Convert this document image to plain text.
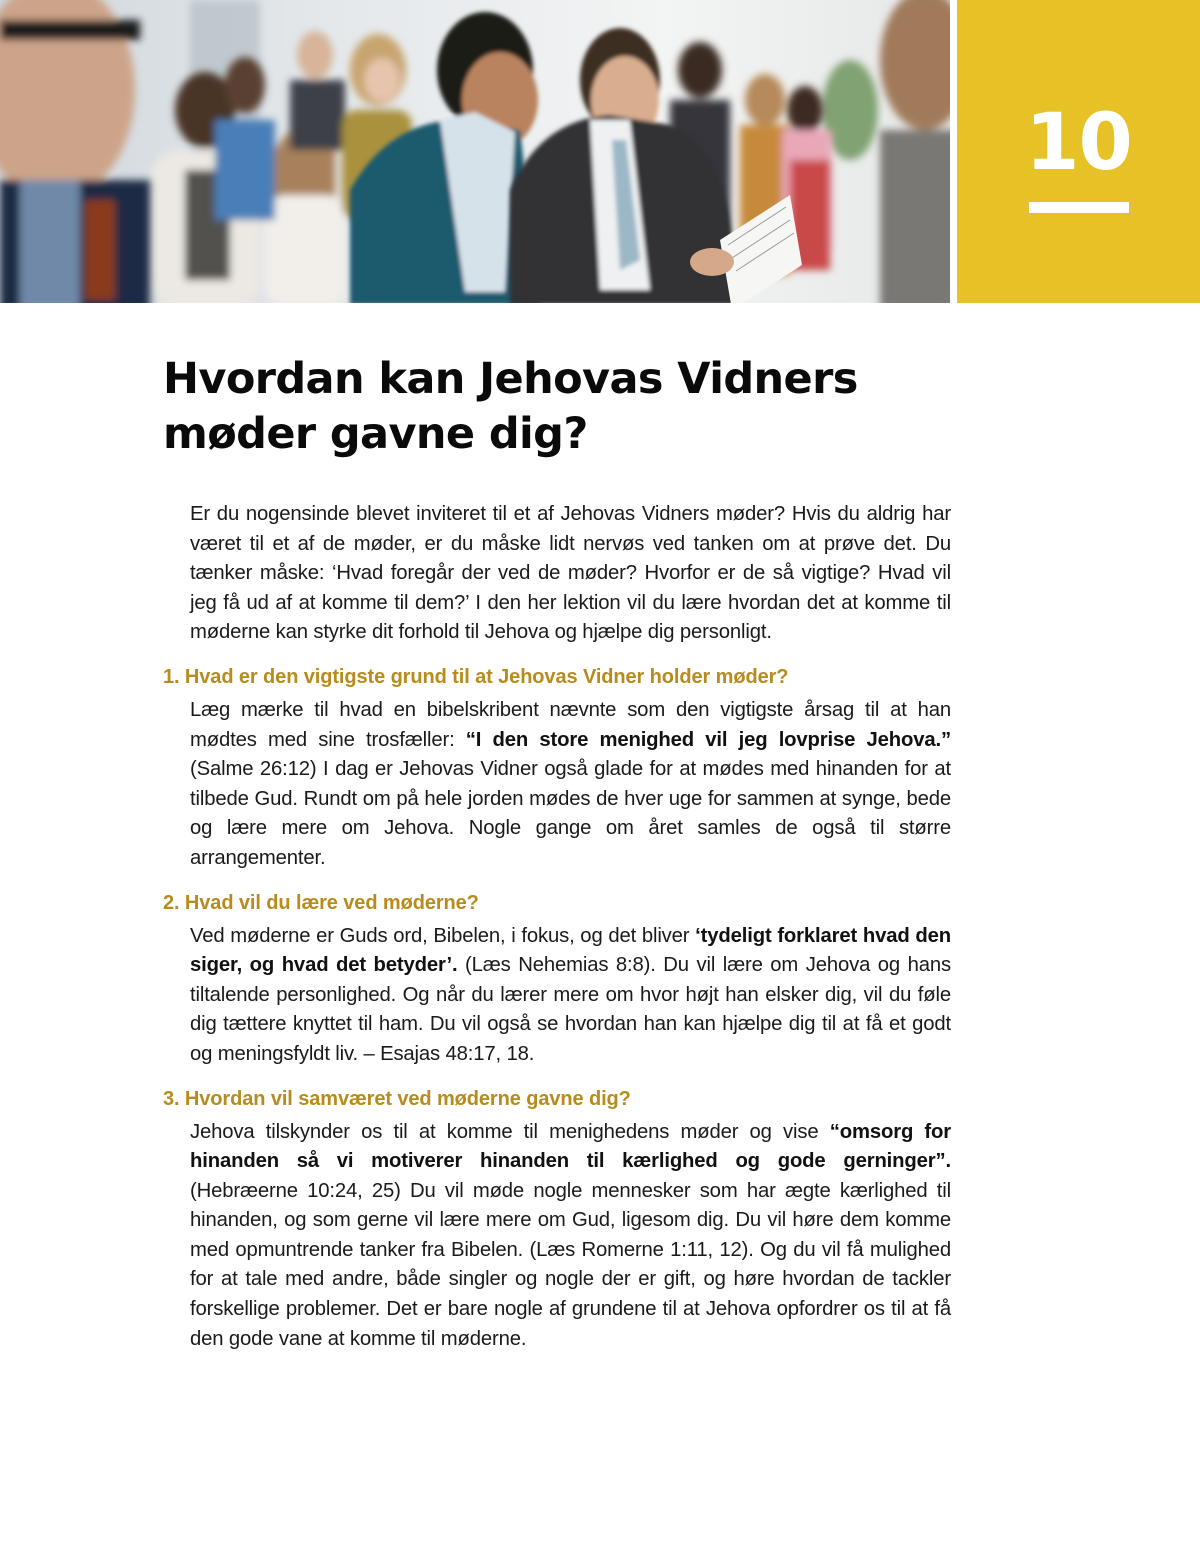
10
Hvordan kan Jehovas Vidners
møder gavne dig?

Er du nogensinde blevet inviteret til et af Jehovas Vidners møder? Hvis du aldrig har været til et af de møder, er du måske lidt nervøs ved tanken om at prøve det. Du tænker måske: ‘Hvad foregår der ved de møder? Hvorfor er de så vigtige? Hvad vil jeg få ud af at komme til dem?’ I den her lektion vil du lære hvordan det at komme til møderne kan styrke dit forhold til Jehova og hjælpe dig personligt.

1. Hvad er den vigtigste grund til at Jehovas Vidner holder møder?

Læg mærke til hvad en bibelskribent nævnte som den vigtigste årsag til at han mødtes med sine trosfæller: “I den store menighed vil jeg lovprise Jehova.” (Salme 26:12) I dag er Jehovas Vidner også glade for at mødes med hinanden for at tilbede Gud. Rundt om på hele jorden mødes de hver uge for sammen at synge, bede og lære mere om Jehova. Nogle gange om året samles de også til større arrangementer.

2. Hvad vil du lære ved møderne?

Ved møderne er Guds ord, Bibelen, i fokus, og det bliver ‘tydeligt forklaret hvad den siger, og hvad det betyder’. (Læs Nehemias 8:8). Du vil lære om Jehova og hans tiltalende personlighed. Og når du lærer mere om hvor højt han elsker dig, vil du føle dig tættere knyttet til ham. Du vil også se hvordan han kan hjælpe dig til at få et godt og meningsfyldt liv. – Esajas 48:17, 18.

3. Hvordan vil samværet ved møderne gavne dig?

Jehova tilskynder os til at komme til menighedens møder og vise “omsorg for hinanden så vi motiverer hinanden til kærlighed og gode gerninger”. (Hebræerne 10:24, 25) Du vil møde nogle mennesker som har ægte kærlighed til hinanden, og som gerne vil lære mere om Gud, ligesom dig. Du vil høre dem komme med opmuntrende tanker fra Bibelen. (Læs Romerne 1:11, 12). Og du vil få mulighed for at tale med andre, både singler og nogle der er gift, og høre hvordan de tackler forskellige problemer. Det er bare nogle af grundene til at Jehova opfordrer os til at få den gode vane at komme til møderne.
